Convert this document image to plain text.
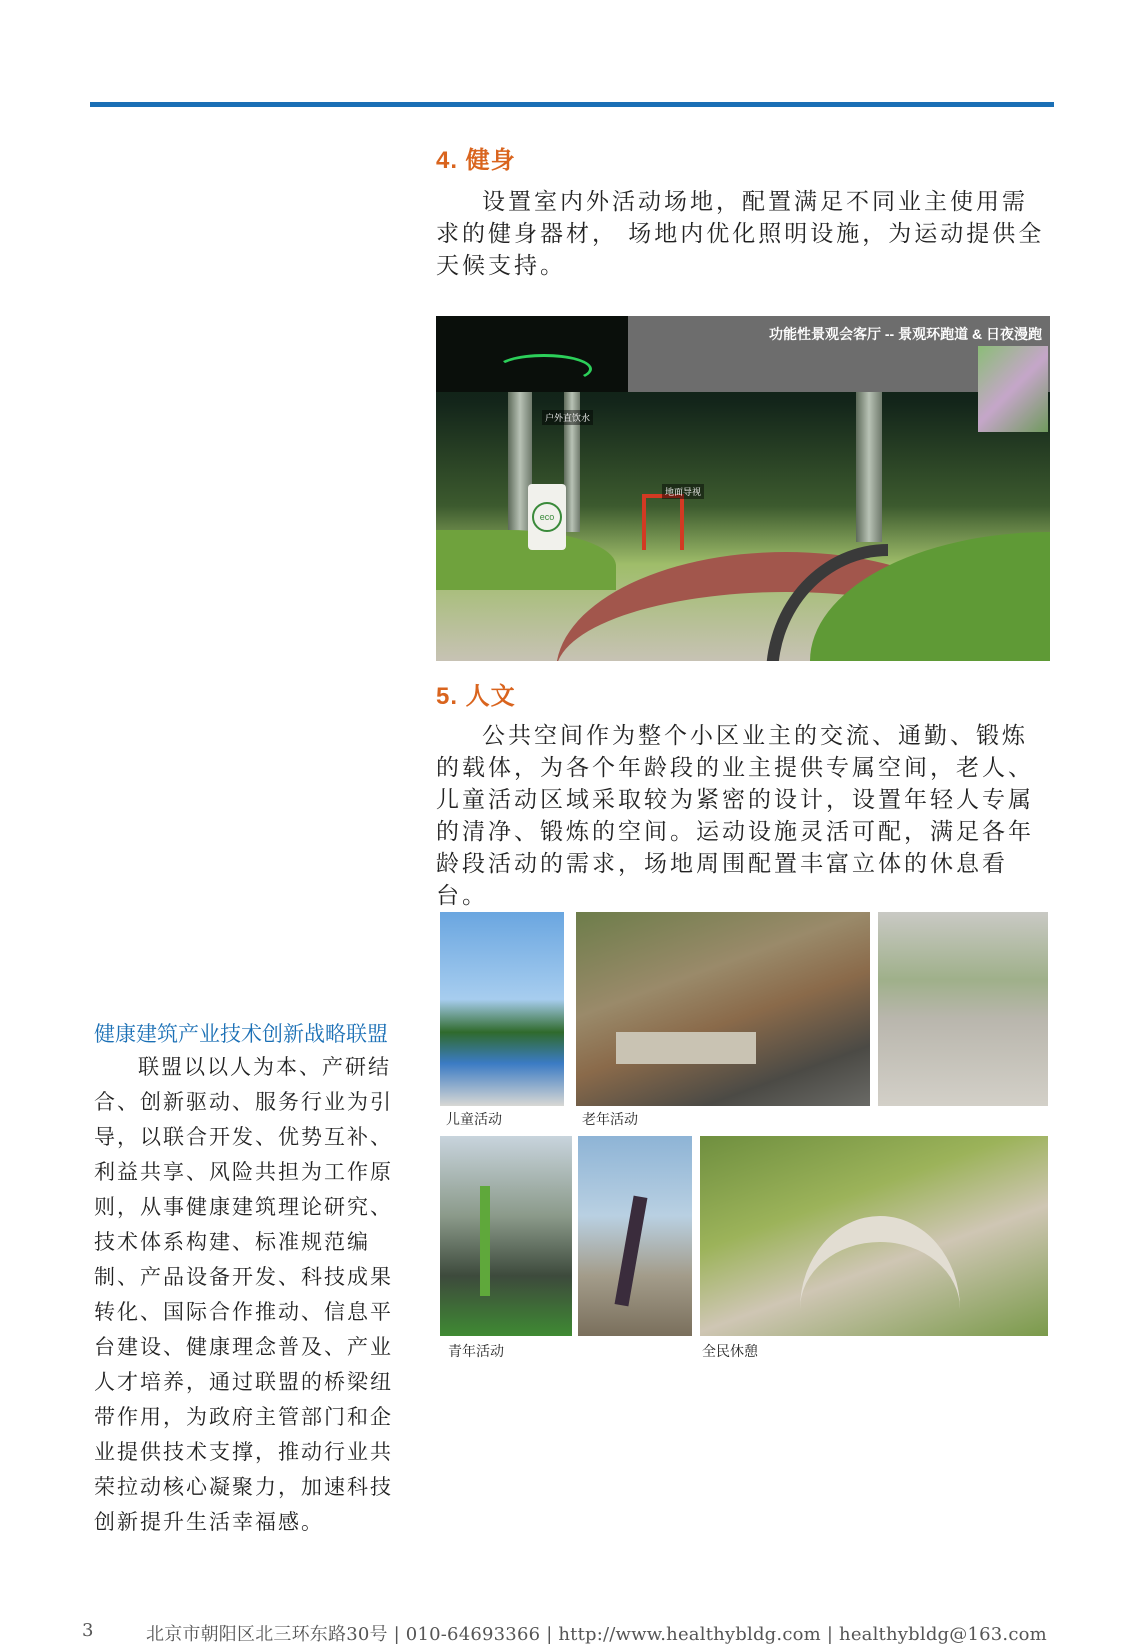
4. 健身
设置室内外活动场地，配置满足不同业主使用需求的健身器材， 场地内优化照明设施，为运动提供全天候支持。
功能性景观会客厅 -- 景观环跑道 & 日夜漫跑
eco
户外直饮水
地面导视
5. 人文
公共空间作为整个小区业主的交流、通勤、锻炼的载体，为各个年龄段的业主提供专属空间，老人、儿童活动区域采取较为紧密的设计，设置年轻人专属的清净、锻炼的空间。运动设施灵活可配，满足各年龄段活动的需求，场地周围配置丰富立体的休息看台。
儿童活动	老年活动
青年活动	全民休憩
健康建筑产业技术创新战略联盟
联盟以以人为本、产研结合、创新驱动、服务行业为引导，以联合开发、优势互补、利益共享、风险共担为工作原则，从事健康建筑理论研究、技术体系构建、标准规范编制、产品设备开发、科技成果转化、国际合作推动、信息平台建设、健康理念普及、产业人才培养，通过联盟的桥梁纽带作用，为政府主管部门和企业提供技术支撑，推动行业共荣拉动核心凝聚力，加速科技创新提升生活幸福感。
3	北京市朝阳区北三环东路30号 | 010-64693366 | http://www.healthybldg.com | healthybldg@163.com
